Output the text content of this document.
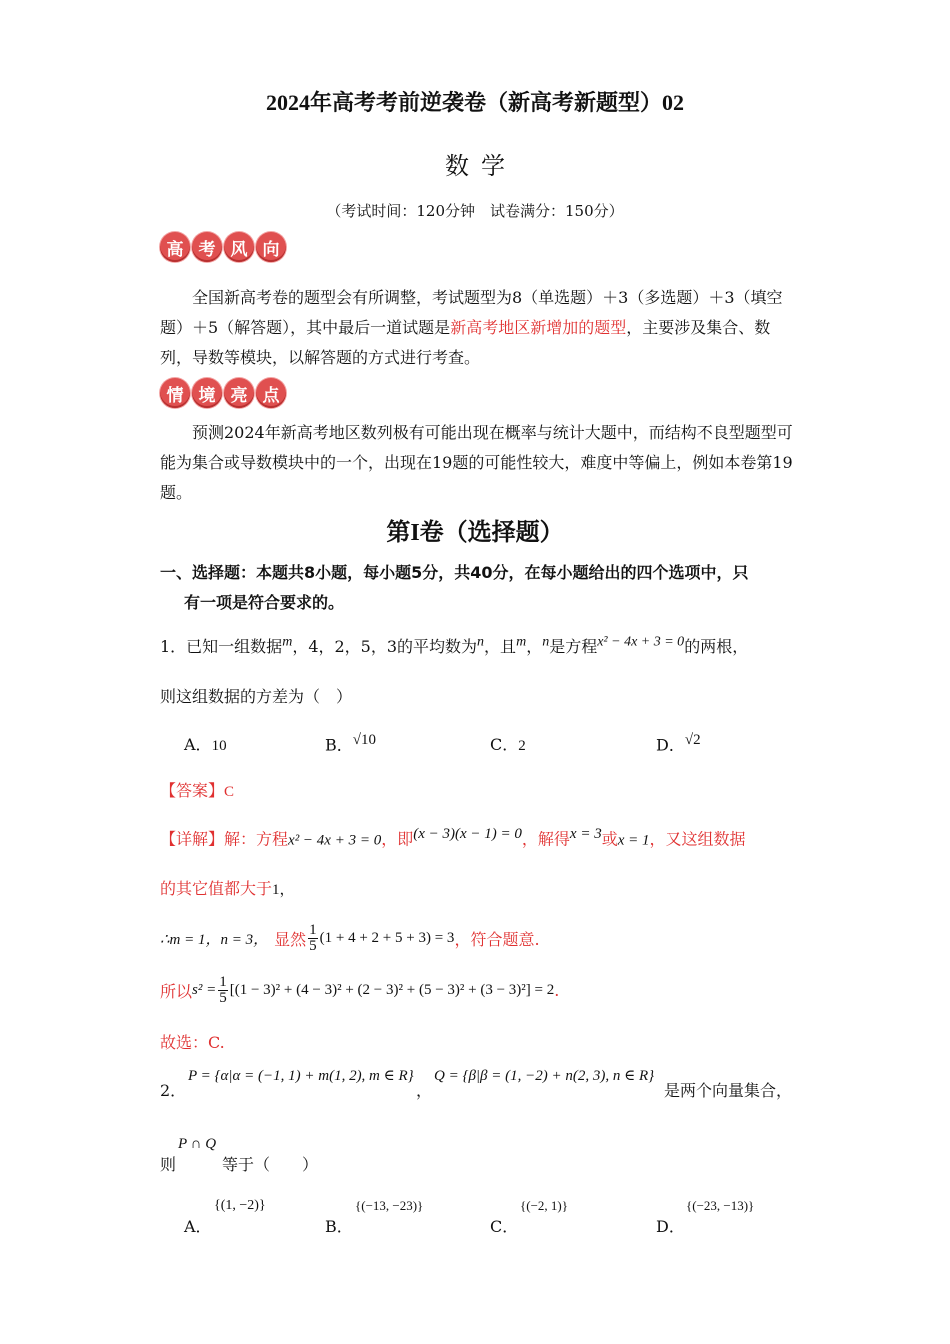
2024年高考考前逆袭卷（新高考新题型）02
数学
（考试时间：120分钟　试卷满分：150分）
高 考 风 向
全国新高考卷的题型会有所调整，考试题型为8（单选题）＋3（多选题）＋3（填空题）＋5（解答题），其中最后一道试题是新高考地区新增加的题型，主要涉及集合、数列，导数等模块，以解答题的方式进行考查。
情 境 亮 点
预测2024年新高考地区数列极有可能出现在概率与统计大题中，而结构不良型题型可能为集合或导数模块中的一个，出现在19题的可能性较大，难度中等偏上，例如本卷第19题。
第I卷（选择题）
一、选择题：本题共8小题，每小题5分，共40分，在每小题给出的四个选项中，只
有一项是符合要求的。
1．已知一组数据$^m$，4，2，5，3的平均数为$^n$，且$^m$，$^n$是方程$^{x^2 - 4x + 3 = 0}$的两根，
则这组数据的方差为（　）
A．10	B．$^{√10}$	C．2	D．$^{√2}$
【答案】C
【详解】解：方程x² − 4x + 3 = 0，即$^{(x - 3)(x - 1) = 0}$，解得$^{x = 3}$或x = 1，又这组数据
的其它值都大于1，
∴m = 1，n = 3， 显然 $\frac{1}{5} (1 + 4 + 2 + 5 + 3) = 3$ ，符合题意.
所以 $s^2 = \frac{1}{5} [(1 - 3)^2 + (4 - 3)^2 + (2 - 3)^2 + (5 - 3)^2 + (3 - 3)^2] = 2$ .
故选：C.
2．
P = {α|α = (−1, 1) + m(1, 2), m ∈ R}
，
Q = {β|β = (1, −2) + n(2, 3), n ∈ R}
是两个向量集合，
则
P ∩ Q
等于（　　）
A．
{(1, −2)}
B．
{(−13, −23)}
C．
{(−2, 1)}
D．
{(−23, −13)}
